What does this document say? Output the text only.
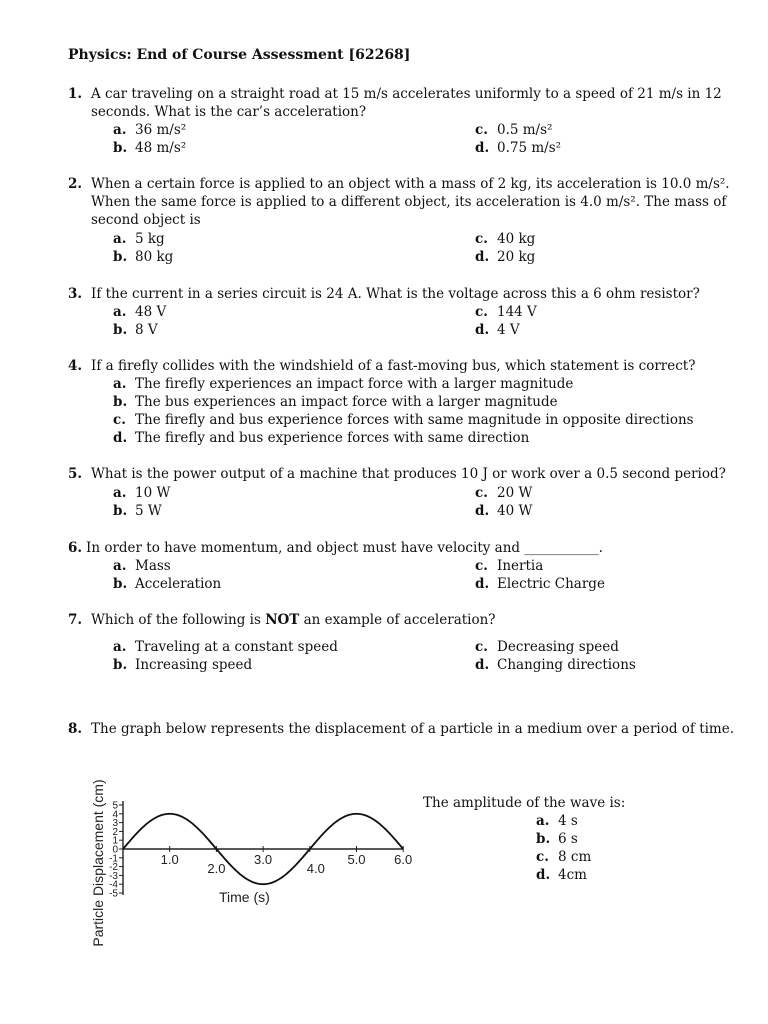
Physics: End of Course Assessment [62268]
1. A car traveling on a straight road at 15 m/s accelerates uniformly to a speed of 21 m/s in 12
seconds. What is the car’s acceleration?
a. 36 m/s²
b. 48 m/s²
c. 0.5 m/s²
d. 0.75 m/s²
2. When a certain force is applied to an object with a mass of 2 kg, its acceleration is 10.0 m/s².
When the same force is applied to a different object, its acceleration is 4.0 m/s². The mass of
second object is
a. 5 kg
b. 80 kg
c. 40 kg
d. 20 kg
3. If the current in a series circuit is 24 A. What is the voltage across this a 6 ohm resistor?
a. 48 V
b. 8 V
c. 144 V
d. 4 V
4. If a firefly collides with the windshield of a fast-moving bus, which statement is correct?
a. The firefly experiences an impact force with a larger magnitude
b. The bus experiences an impact force with a larger magnitude
c. The firefly and bus experience forces with same magnitude in opposite directions
d. The firefly and bus experience forces with same direction
5. What is the power output of a machine that produces 10 J or work over a 0.5 second period?
a. 10 W
b. 5 W
c. 20 W
d. 40 W
6. In order to have momentum, and object must have velocity and ___________.
a. Mass
b. Acceleration
c. Inertia
d. Electric Charge
7. Which of the following is NOT an example of acceleration?
a. Traveling at a constant speed
b. Increasing speed
c. Decreasing speed
d. Changing directions
8. The graph below represents the displacement of a particle in a medium over a period of time.
The amplitude of the wave is:
a. 4 s
b. 6 s
c. 8 cm
d. 4cm
5
4
3
2
1
0
-1
-2
-3
-4
-5
1.0
2.0
3.0
4.0
5.0 6.0
Time (s)
Particle Displacement (cm)
